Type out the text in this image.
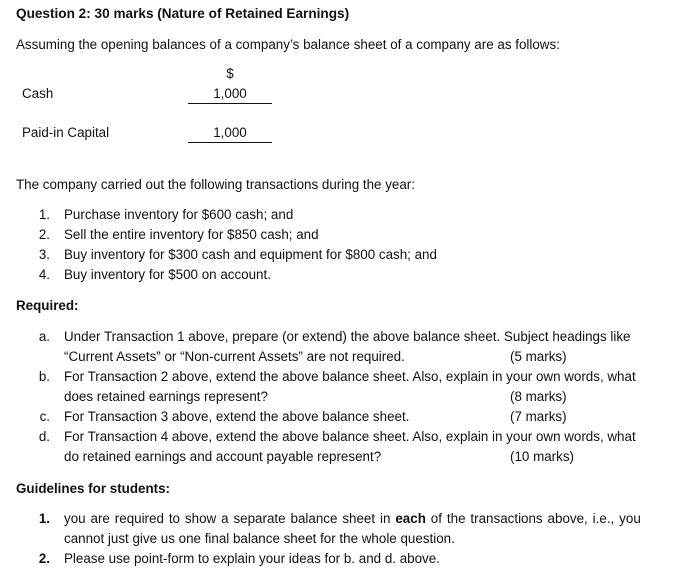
Question 2: 30 marks (Nature of Retained Earnings)
Assuming the opening balances of a company’s balance sheet of a company are as follows:
$
Cash	1,000
Paid-in Capital	1,000
The company carried out the following transactions during the year:
1. Purchase inventory for $600 cash; and
2. Sell the entire inventory for $850 cash; and
3. Buy inventory for $300 cash and equipment for $800 cash; and
4. Buy inventory for $500 on account.
Required:
a. Under Transaction 1 above, prepare (or extend) the above balance sheet. Subject headings like
“Current Assets” or “Non-current Assets” are not required.	(5 marks)
b. For Transaction 2 above, extend the above balance sheet. Also, explain in your own words, what
does retained earnings represent?	(8 marks)
c. For Transaction 3 above, extend the above balance sheet.	(7 marks)
d. For Transaction 4 above, extend the above balance sheet. Also, explain in your own words, what
do retained earnings and account payable represent?	(10 marks)
Guidelines for students:
1. you are required to show a separate balance sheet in each of the transactions above, i.e., you
cannot just give us one final balance sheet for the whole question.
2. Please use point-form to explain your ideas for b. and d. above.
